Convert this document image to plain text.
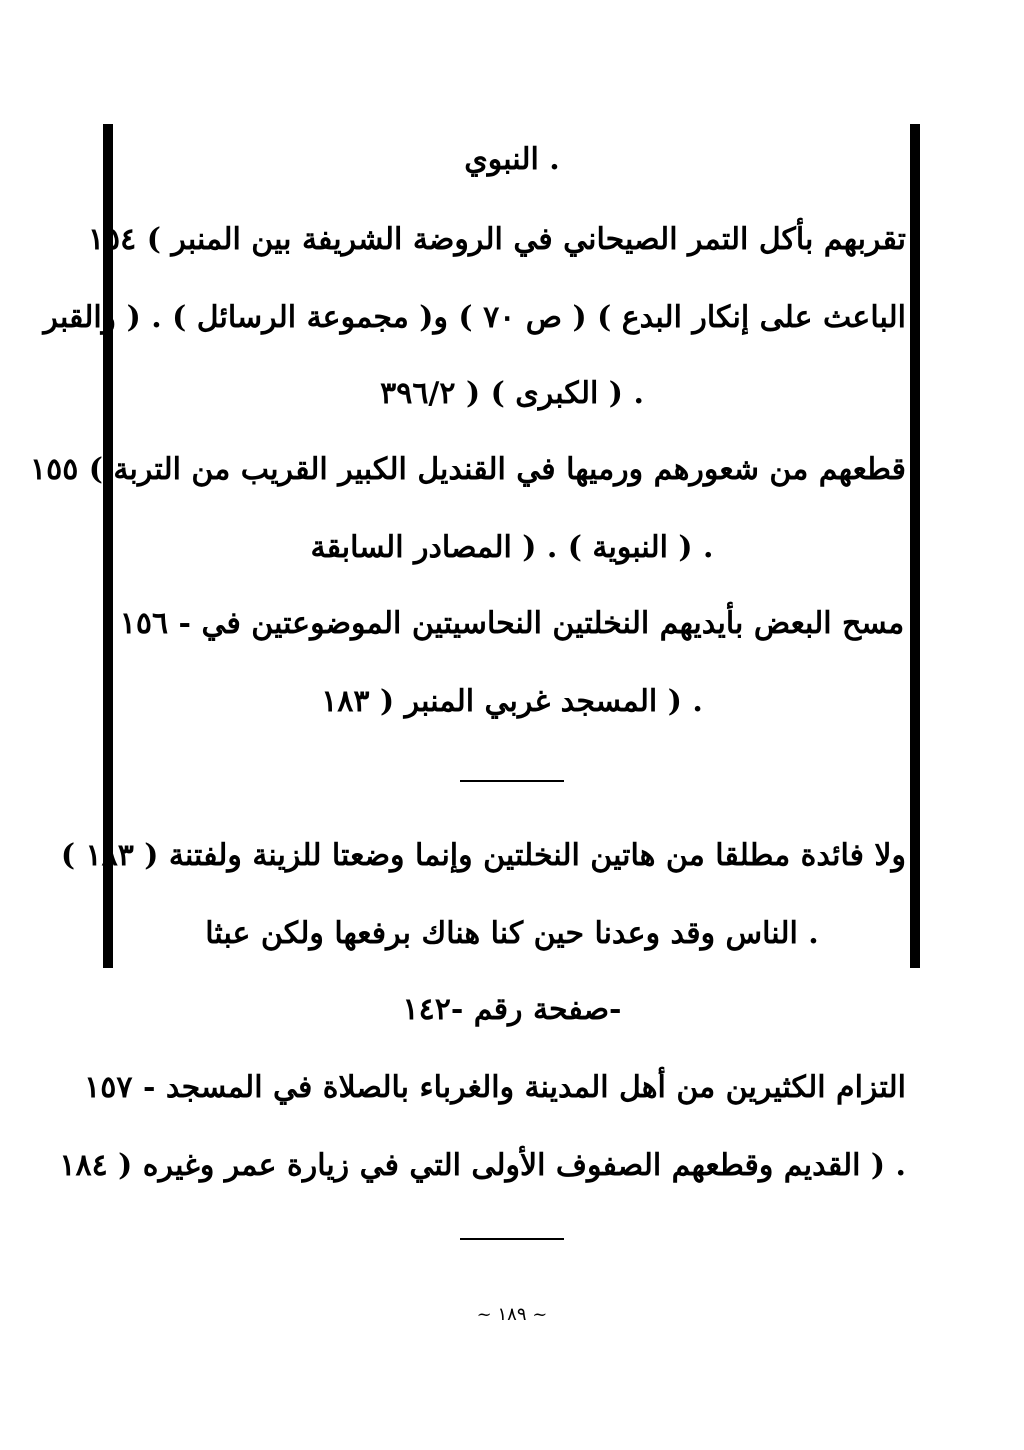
. النبوي
تقربهم بأكل التمر الصيحاني في الروضة الشريفة بين المنبر ) ١٥٤
الباعث على إنكار البدع ) ( ص ٧٠ ) و( مجموعة الرسائل ) . ( والقبر
. ( الكبرى ) ( ٣٩٦/٢
قطعهم من شعورهم ورميها في القنديل الكبير القريب من التربة ) ١٥٥
. ( النبوية ) . ( المصادر السابقة
مسح البعض بأيديهم النخلتين النحاسيتين الموضوعتين في - ١٥٦
. ( المسجد غربي المنبر ( ١٨٣
ولا فائدة مطلقا من هاتين النخلتين وإنما وضعتا للزينة ولفتنة ( ١٨٣ )
. الناس وقد وعدنا حين كنا هناك برفعها ولكن عبثا
-صفحة رقم -١٤٢
التزام الكثيرين من أهل المدينة والغرباء بالصلاة في المسجد - ١٥٧
. ( القديم وقطعهم الصفوف الأولى التي في زيارة عمر وغيره ( ١٨٤
~ ١٨٩ ~
